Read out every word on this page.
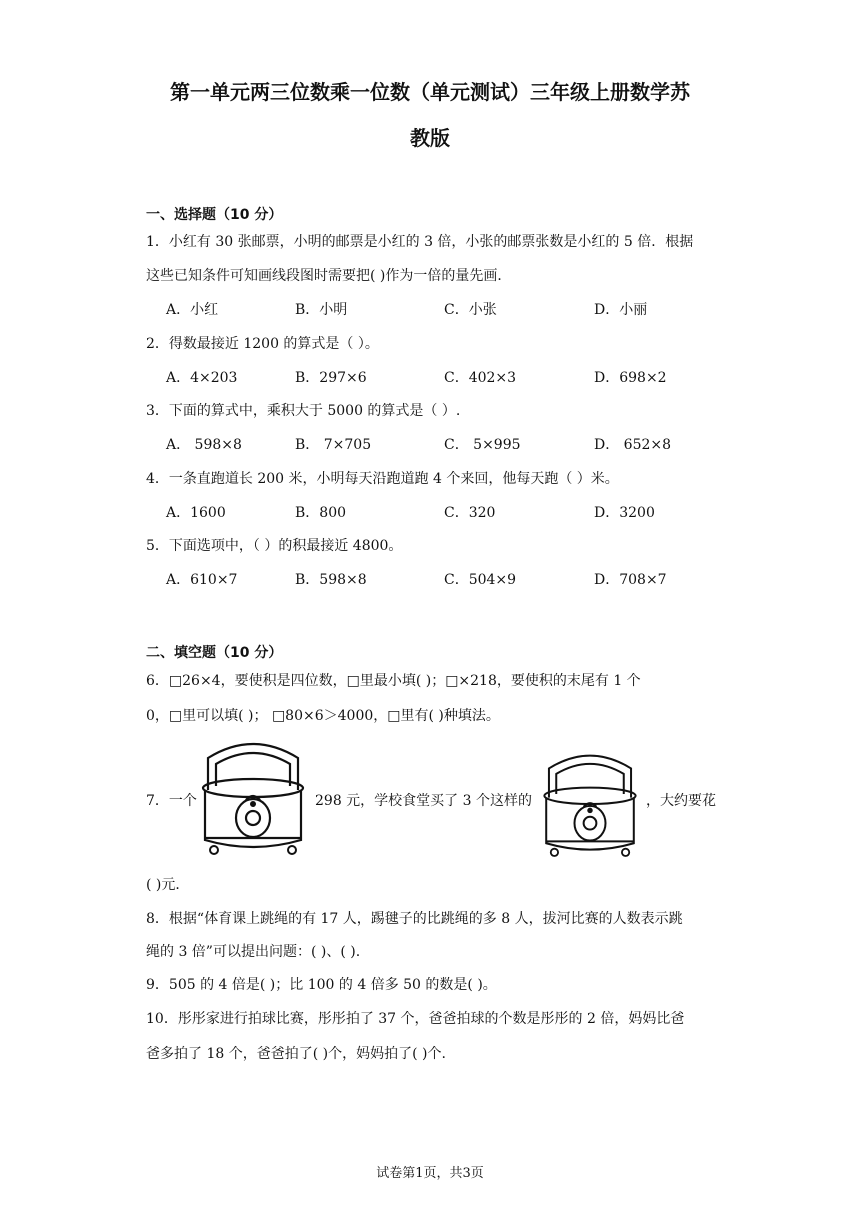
第一单元两三位数乘一位数（单元测试）三年级上册数学苏
教版
一、选择题（10 分）
1．小红有 30 张邮票，小明的邮票是小红的 3 倍，小张的邮票张数是小红的 5 倍．根据
这些已知条件可知画线段图时需要把( )作为一倍的量先画．
A．小红	B．小明	C．小张	D．小丽
2．得数最接近 1200 的算式是（ ）。
A．4×203	B．297×6	C．402×3	D．698×2
3．下面的算式中，乘积大于 5000 的算式是（ ）.
A． 598×8	B． 7×705	C． 5×995	D． 652×8
4．一条直跑道长 200 米，小明每天沿跑道跑 4 个来回，他每天跑（ ）米。
A．1600	B．800	C．320	D．3200
5．下面选项中，（ ）的积最接近 4800。
A．610×7	B．598×8	C．504×9	D．708×7
二、填空题（10 分）
6．□26×4，要使积是四位数，□里最小填( )；□×218，要使积的末尾有 1 个
0，□里可以填( )； □80×6＞4000，□里有( )种填法。
7．一个	298 元，学校食堂买了 3 个这样的	，大约要花
( )元．
8．根据“体育课上跳绳的有 17 人，踢毽子的比跳绳的多 8 人，拔河比赛的人数表示跳
绳的 3 倍”可以提出问题：( )、( ).
9．505 的 4 倍是( )；比 100 的 4 倍多 50 的数是( )。
10．彤彤家进行拍球比赛，彤彤拍了 37 个，爸爸拍球的个数是彤彤的 2 倍，妈妈比爸
爸多拍了 18 个，爸爸拍了( )个，妈妈拍了( )个.
试卷第1页，共3页
